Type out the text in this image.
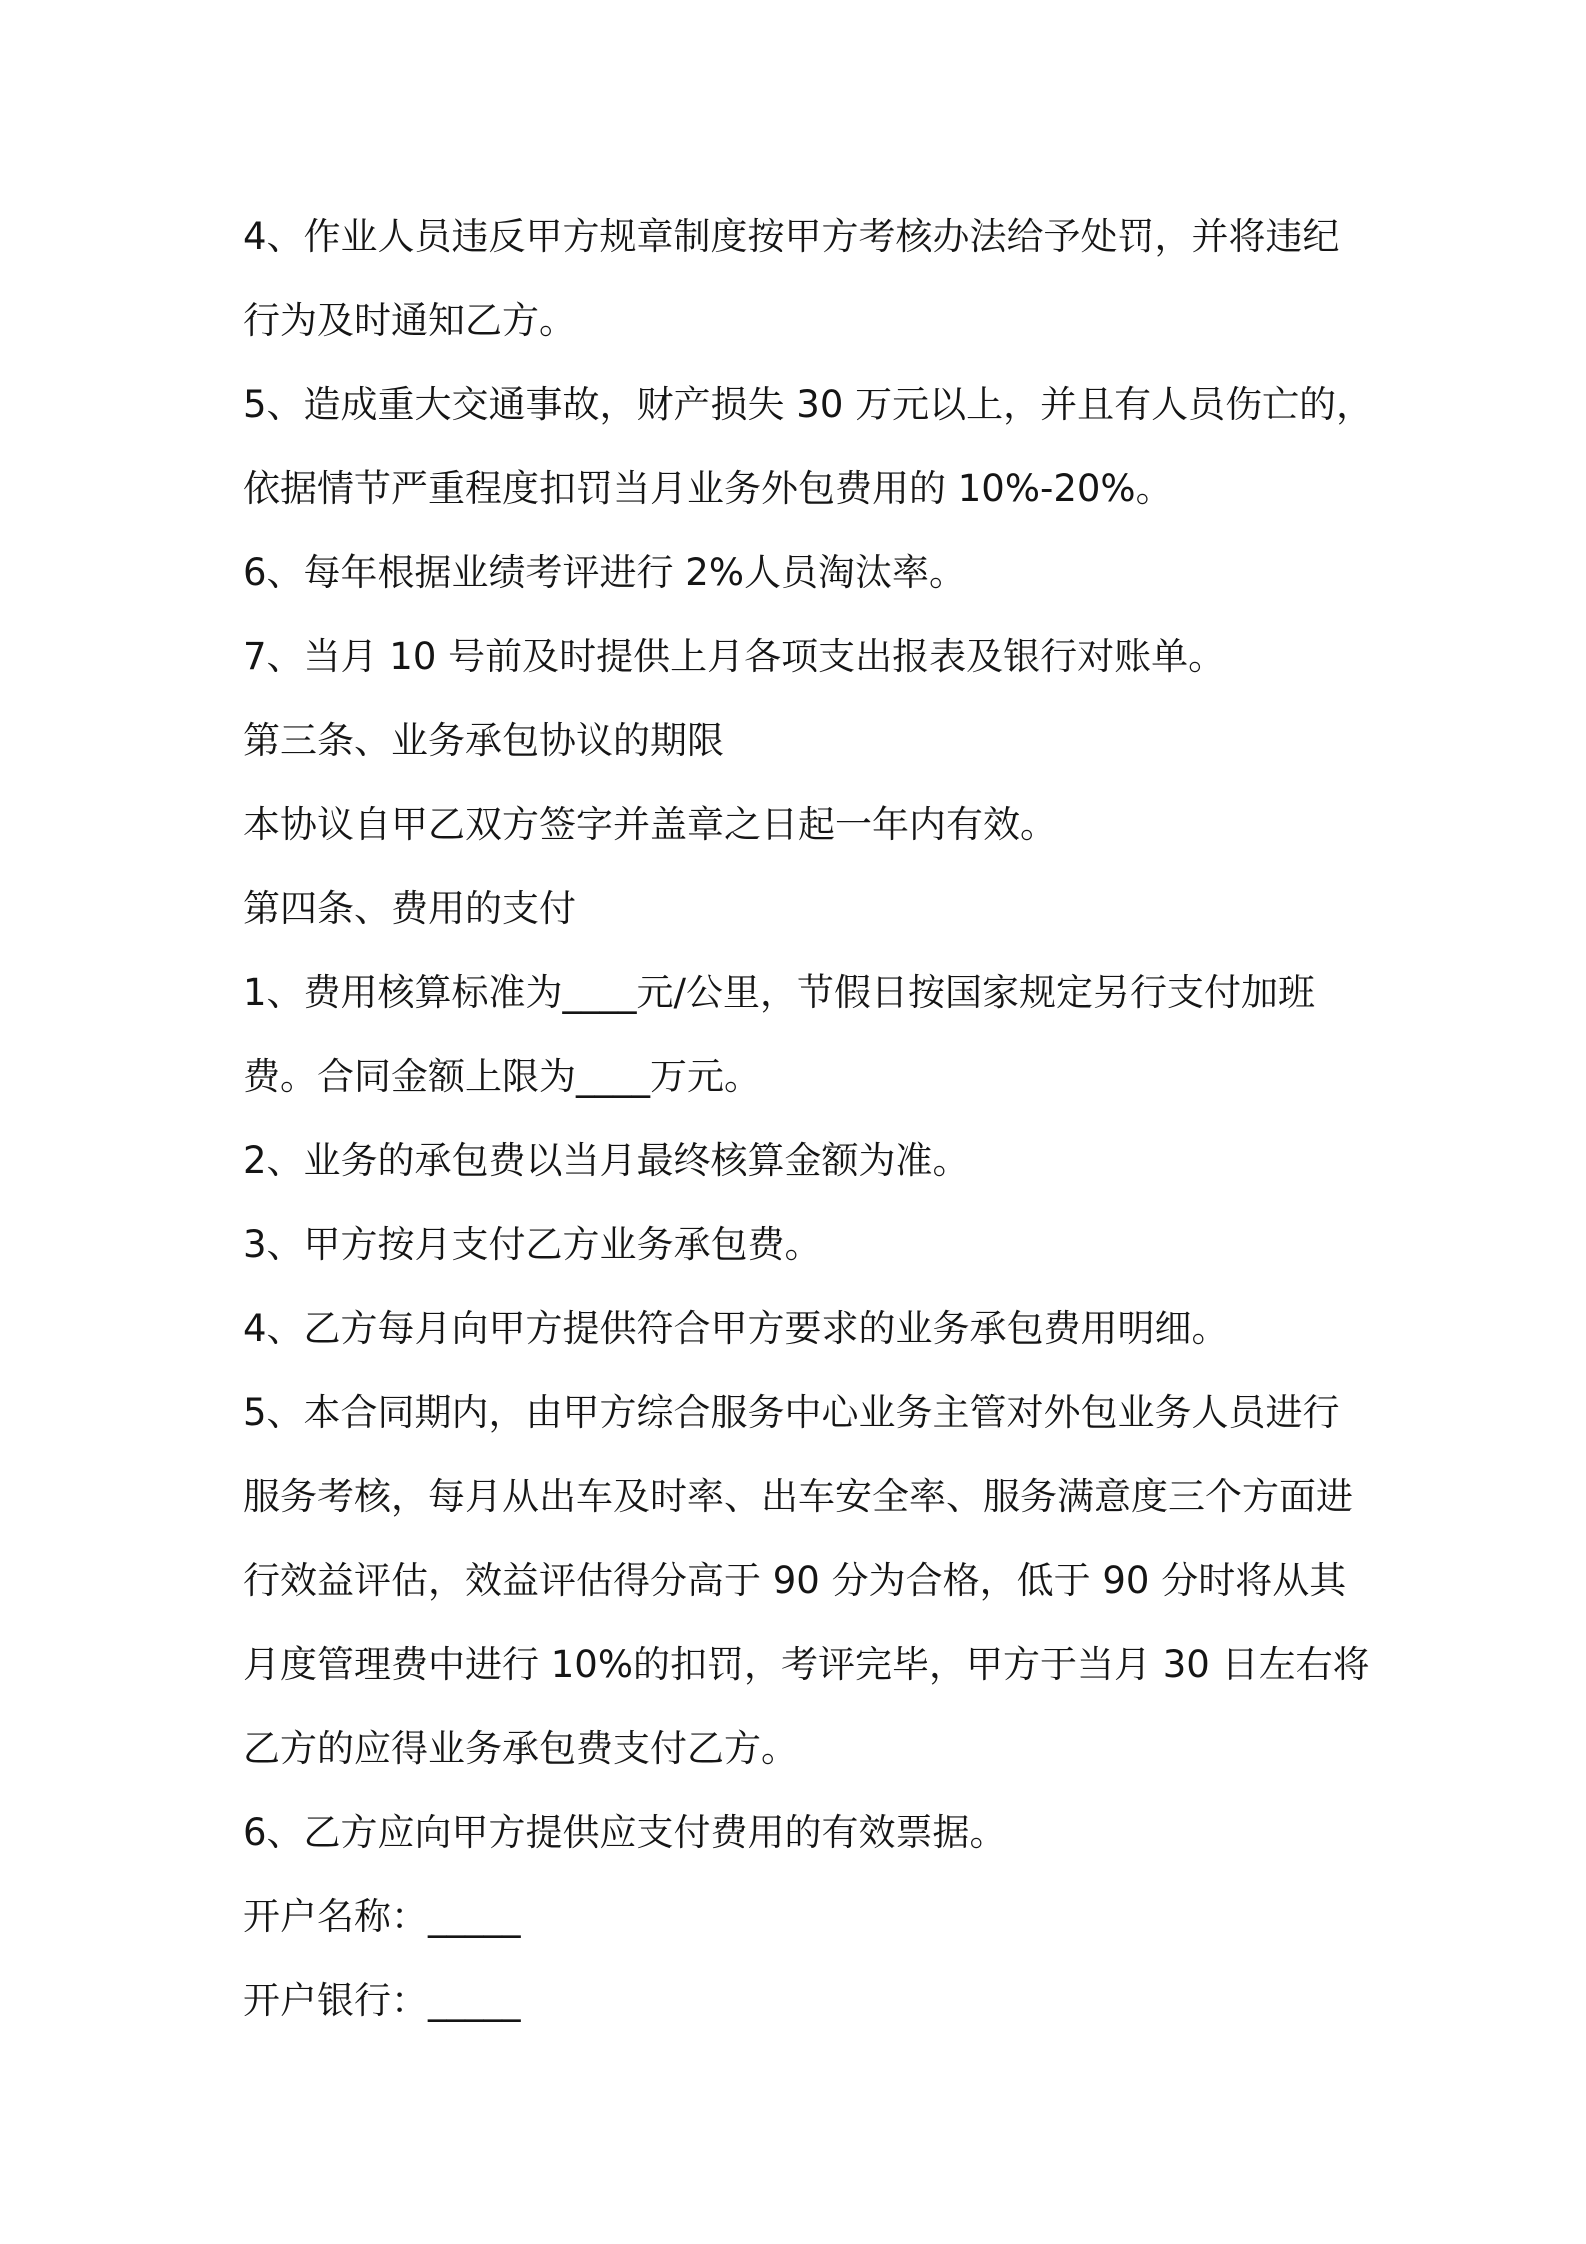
4、作业人员违反甲方规章制度按甲方考核办法给予处罚，并将违纪
行为及时通知乙方。
5、造成重大交通事故，财产损失 30 万元以上，并且有人员伤亡的，
依据情节严重程度扣罚当月业务外包费用的 10%-20%。
6、每年根据业绩考评进行 2%人员淘汰率。
7、当月 10 号前及时提供上月各项支出报表及银行对账单。
第三条、业务承包协议的期限
本协议自甲乙双方签字并盖章之日起一年内有效。
第四条、费用的支付
1、费用核算标准为____元/公里，节假日按国家规定另行支付加班
费。合同金额上限为____万元。
2、业务的承包费以当月最终核算金额为准。
3、甲方按月支付乙方业务承包费。
4、乙方每月向甲方提供符合甲方要求的业务承包费用明细。
5、本合同期内，由甲方综合服务中心业务主管对外包业务人员进行
服务考核，每月从出车及时率、出车安全率、服务满意度三个方面进
行效益评估，效益评估得分高于 90 分为合格，低于 90 分时将从其
月度管理费中进行 10%的扣罚，考评完毕，甲方于当月 30 日左右将
乙方的应得业务承包费支付乙方。
6、乙方应向甲方提供应支付费用的有效票据。
开户名称：_____
开户银行：_____
